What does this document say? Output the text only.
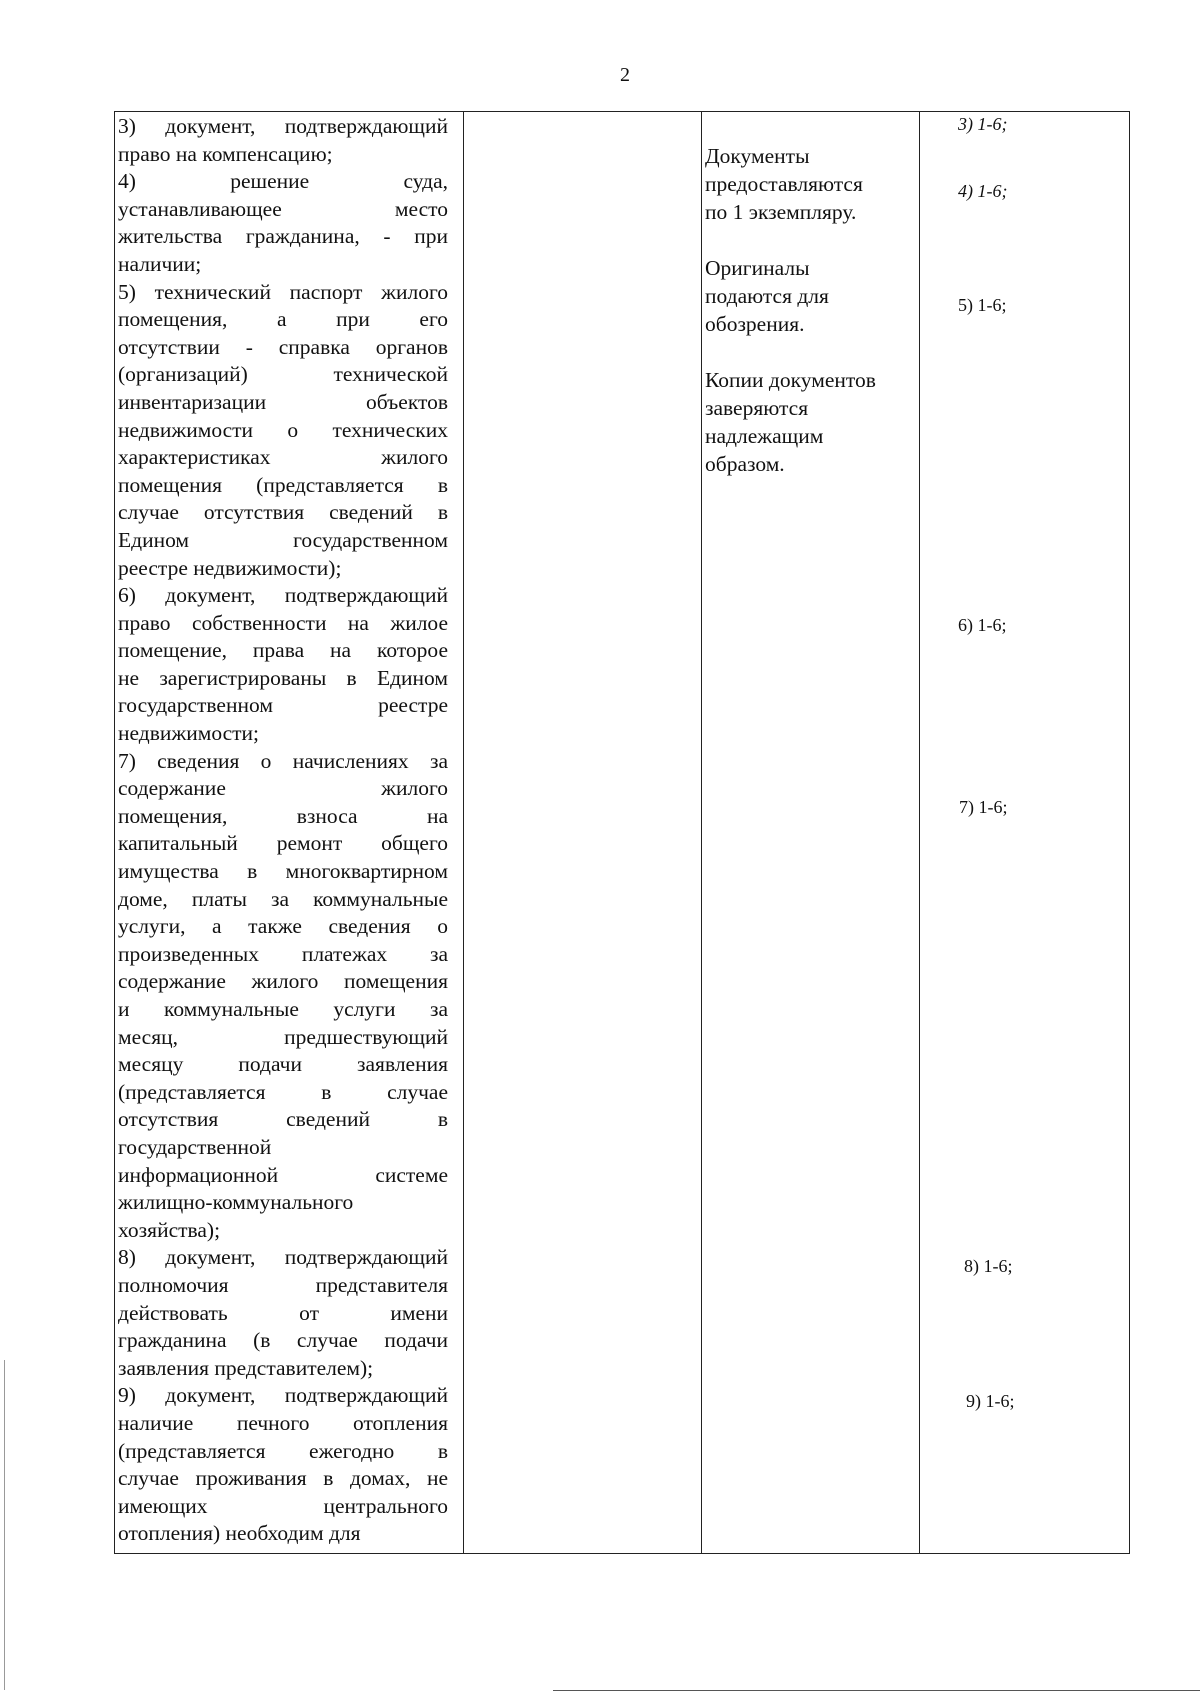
2
3) документ, подтверждающий
право на компенсацию;
4) решение суда,
устанавливающее место
жительства гражданина, - при
наличии;
5) технический паспорт жилого
помещения, а при его
отсутствии - справка органов
(организаций) технической
инвентаризации объектов
недвижимости о технических
характеристиках жилого
помещения (представляется в
случае отсутствия сведений в
Едином государственном
реестре недвижимости);
6) документ, подтверждающий
право собственности на жилое
помещение, права на которое
не зарегистрированы в Едином
государственном реестре
недвижимости;
7) сведения о начислениях за
содержание жилого
помещения, взноса на
капитальный ремонт общего
имущества в многоквартирном
доме, платы за коммунальные
услуги, а также сведения о
произведенных платежах за
содержание жилого помещения
и коммунальные услуги за
месяц, предшествующий
месяцу подачи заявления
(представляется в случае
отсутствия сведений в
государственной
информационной системе
жилищно-коммунального
хозяйства);
8) документ, подтверждающий
полномочия представителя
действовать от имени
гражданина (в случае подачи
заявления представителем);
9) документ, подтверждающий
наличие печного отопления
(представляется ежегодно в
случае проживания в домах, не
имеющих центрального
отопления) необходим для
Документы
предоставляются
по 1 экземпляру.
Оригиналы
подаются для
обозрения.
Копии документов
заверяются
надлежащим
образом.
3) 1-6;
4) 1-6;
5) 1-6;
6) 1-6;
7) 1-6;
8) 1-6;
9) 1-6;
